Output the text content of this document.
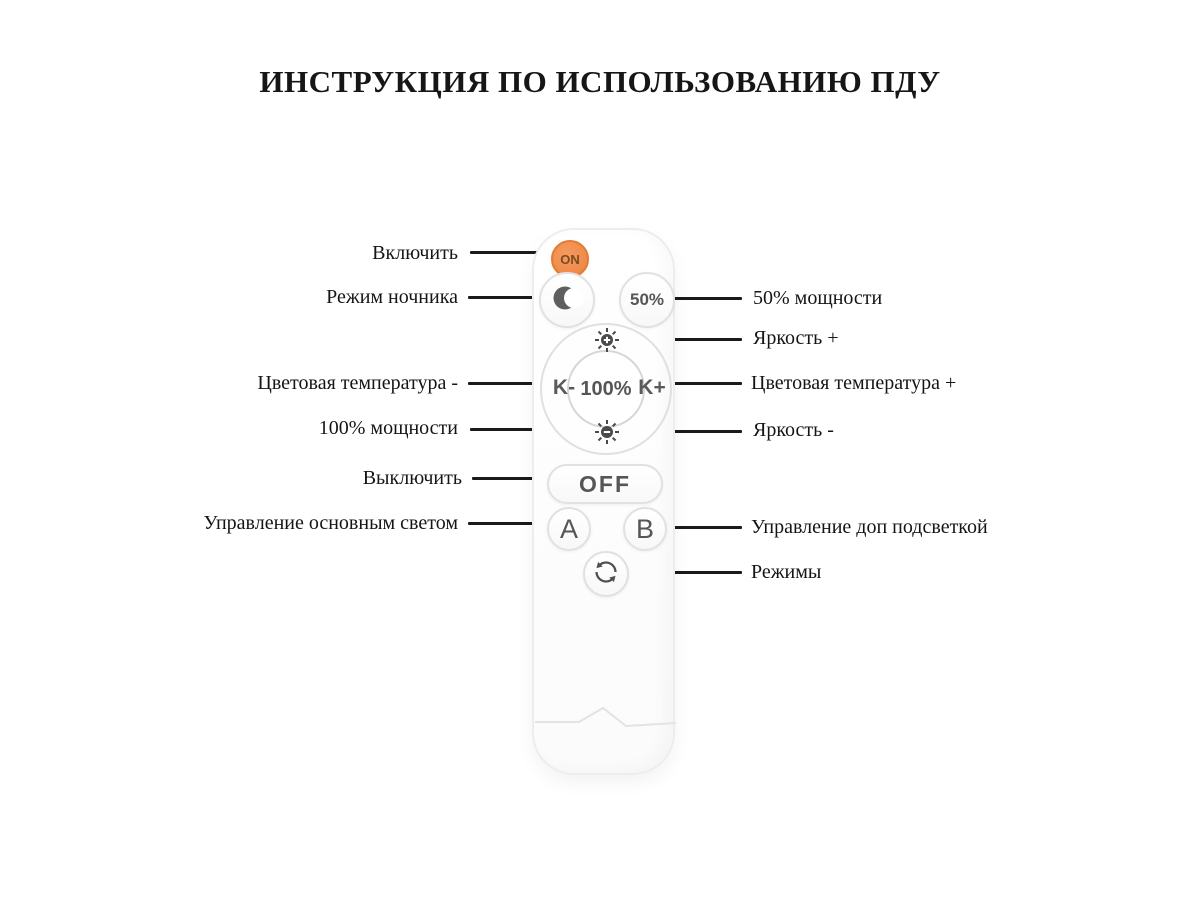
ИНСТРУКЦИЯ ПО ИСПОЛЬЗОВАНИЮ ПДУ
Включить
Режим ночника
Цветовая температура -
100% мощности
Выключить
Управление основным светом
50% мощности
Яркость +
Цветовая температура +
Яркость -
Управление доп подсветкой
Режимы
ON
50%
100%
K-	K+
OFF
A	B
